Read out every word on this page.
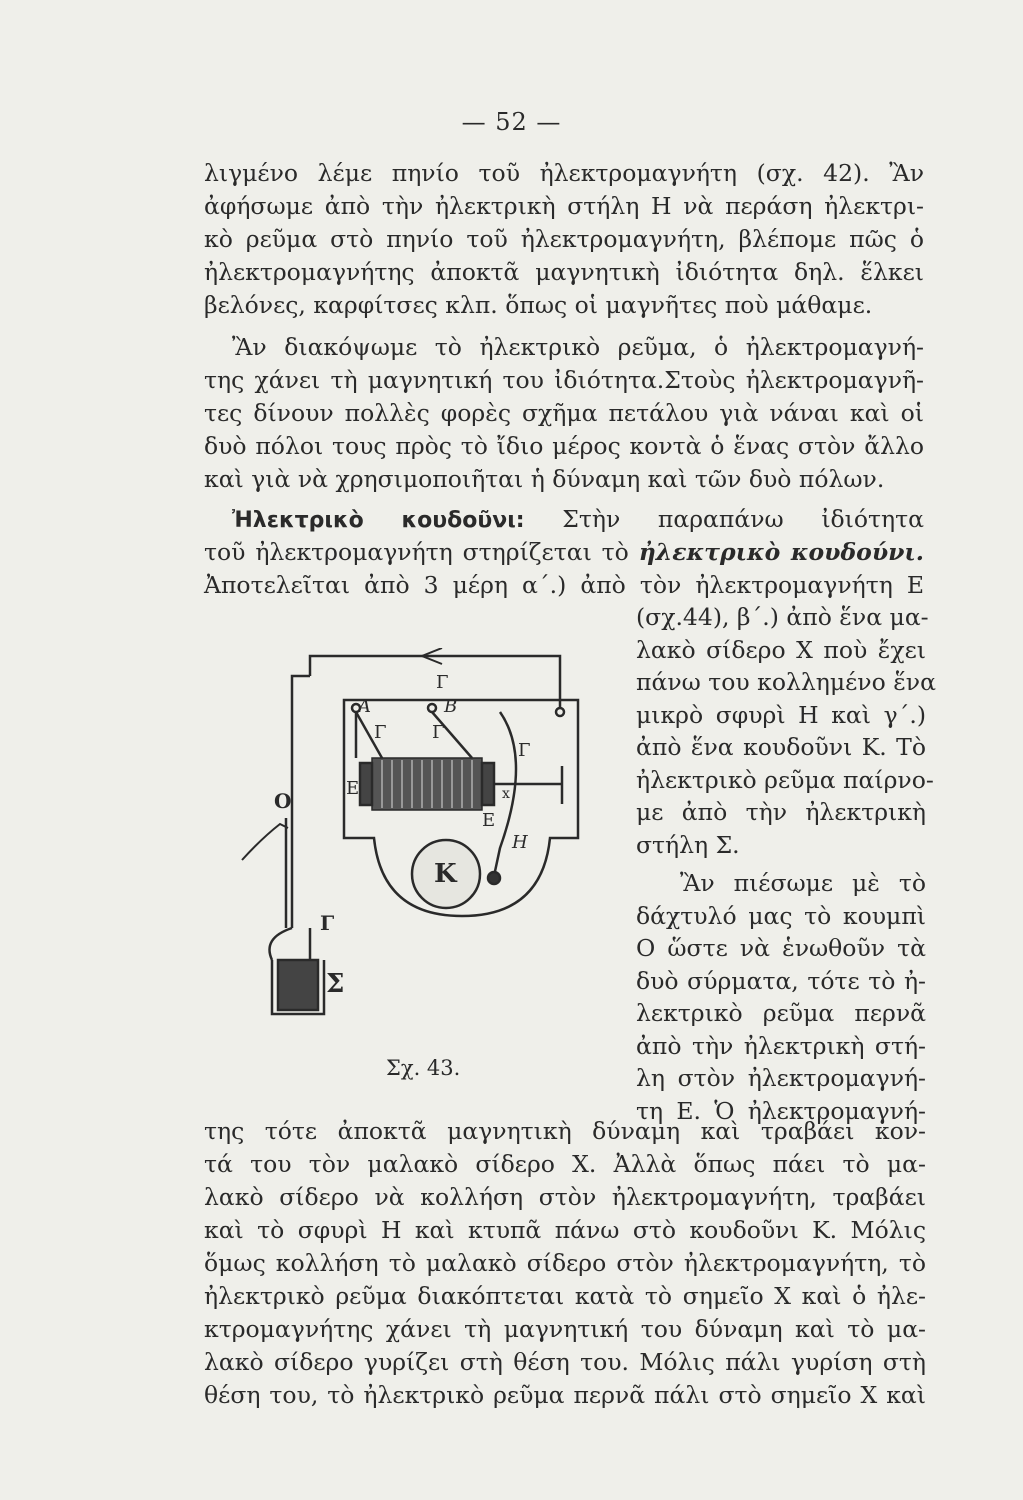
— 52 —
λιγμένο λέμε πηνίο τοῦ ἠλεκτρομαγνήτη (σχ. 42). Ἂν
ἀφήσωμε ἀπὸ τὴν ἠλεκτρικὴ στήλη Η νὰ περάση ἠλεκτρι-
κὸ ρεῦμα στὸ πηνίο τοῦ ἠλεκτρομαγνήτη, βλέπομε πῶς ὁ
ἠλεκτρομαγνήτης ἀποκτᾶ μαγνητικὴ ἰδιότητα δηλ. ἕλκει
βελόνες, καρφίτσες κλπ. ὅπως οἱ μαγνῆτες ποὺ μάθαμε.
Ἂν διακόψωμε τὸ ἠλεκτρικὸ ρεῦμα, ὁ ἠλεκτρομαγνή-
της χάνει τὴ μαγνητική του ἰδιότητα.Στοὺς ἠλεκτρομαγνῆ-
τες δίνουν πολλὲς φορὲς σχῆμα πετάλου γιὰ νάναι καὶ οἱ
δυὸ πόλοι τους πρὸς τὸ ἴδιο μέρος κοντὰ ὁ ἕνας στὸν ἄλλο
καὶ γιὰ νὰ χρησιμοποιῆται ἡ δύναμη καὶ τῶν δυὸ πόλων.
Ἠλεκτρικὸ κουδοῦνι: Στὴν παραπάνω ἰδιότητα
τοῦ ἠλεκτρομαγνήτη στηρίζεται τὸ ἠλεκτρικὸ κουδούνι.
Ἀποτελεῖται ἀπὸ 3 μέρη α΄.) ἀπὸ τὸν ἠλεκτρομαγνήτη Ε
(σχ.44), β΄.) ἀπὸ ἕνα μα-
λακὸ σίδερο Χ ποὺ ἔχει
πάνω του κολλημένο ἕνα
μικρὸ σφυρὶ Η καὶ γ΄.)
ἀπὸ ἕνα κουδοῦνι Κ. Τὸ
ἠλεκτρικὸ ρεῦμα παίρνο-
με ἀπὸ τὴν ἠλεκτρικὴ
στήλη Σ.
Ἂν πιέσωμε μὲ τὸ
δάχτυλό μας τὸ κουμπὶ
Ο ὥστε νὰ ἑνωθοῦν τὰ
δυὸ σύρματα, τότε τὸ ἠ-
λεκτρικὸ ρεῦμα περνᾶ
ἀπὸ τὴν ἠλεκτρικὴ στή-
λη στὸν ἠλεκτρομαγνή-
τη Ε. Ὁ ἠλεκτρομαγνή-
Γ
A	B
Γ	Γ
Γ
Ε
Ε
x
Η
Κ
Ο
Γ
Σ
Σχ. 43.
της τότε ἀποκτᾶ μαγνητικὴ δύναμη καὶ τραβάει κον-
τά του τὸν μαλακὸ σίδερο Χ. Ἀλλὰ ὅπως πάει τὸ μα-
λακὸ σίδερο νὰ κολλήση στὸν ἠλεκτρομαγνήτη, τραβάει
καὶ τὸ σφυρὶ Η καὶ κτυπᾶ πάνω στὸ κουδοῦνι Κ. Μόλις
ὅμως κολλήση τὸ μαλακὸ σίδερο στὸν ἠλεκτρομαγνήτη, τὸ
ἠλεκτρικὸ ρεῦμα διακόπτεται κατὰ τὸ σημεῖο Χ καὶ ὁ ἠλε-
κτρομαγνήτης χάνει τὴ μαγνητική του δύναμη καὶ τὸ μα-
λακὸ σίδερο γυρίζει στὴ θέση του. Μόλις πάλι γυρίση στὴ
θέση του, τὸ ἠλεκτρικὸ ρεῦμα περνᾶ πάλι στὸ σημεῖο Χ καὶ
